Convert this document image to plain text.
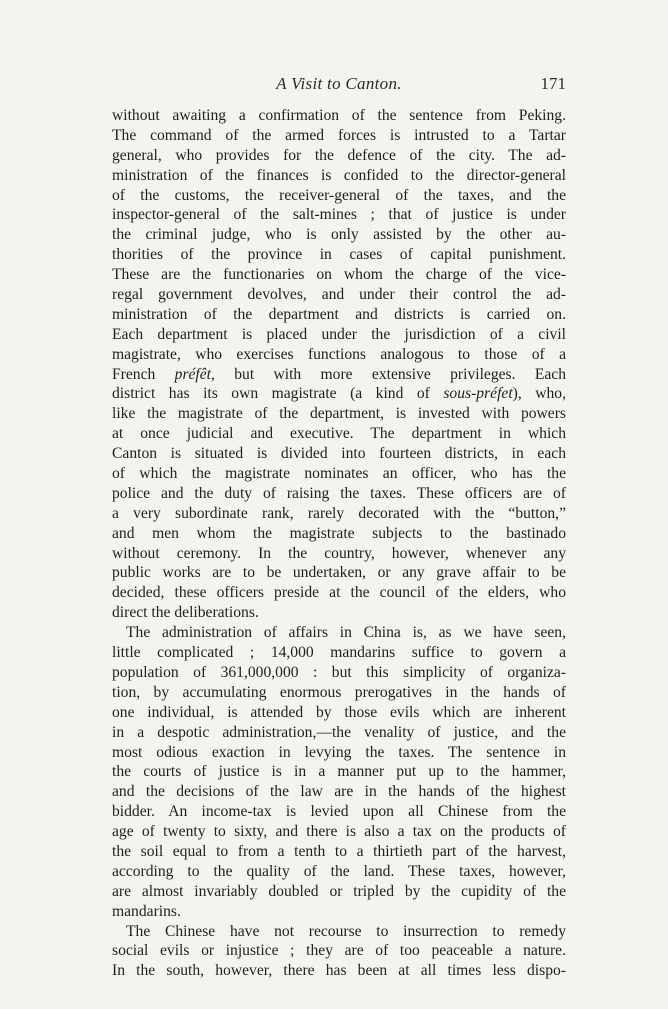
A Visit to Canton.	171
without awaiting a confirmation of the sentence from Peking.
The command of the armed forces is intrusted to a Tartar
general, who provides for the defence of the city. The ad-
ministration of the finances is confided to the director-general
of the customs, the receiver-general of the taxes, and the
inspector-general of the salt-mines ; that of justice is under
the criminal judge, who is only assisted by the other au-
thorities of the province in cases of capital punishment.
These are the functionaries on whom the charge of the vice-
regal government devolves, and under their control the ad-
ministration of the department and districts is carried on.
Each department is placed under the jurisdiction of a civil
magistrate, who exercises functions analogous to those of a
French préfêt, but with more extensive privileges. Each
district has its own magistrate (a kind of sous-préfet), who,
like the magistrate of the department, is invested with powers
at once judicial and executive. The department in which
Canton is situated is divided into fourteen districts, in each
of which the magistrate nominates an officer, who has the
police and the duty of raising the taxes. These officers are of
a very subordinate rank, rarely decorated with the “button,”
and men whom the magistrate subjects to the bastinado
without ceremony. In the country, however, whenever any
public works are to be undertaken, or any grave affair to be
decided, these officers preside at the council of the elders, who
direct the deliberations.
The administration of affairs in China is, as we have seen,
little complicated ; 14,000 mandarins suffice to govern a
population of 361,000,000 : but this simplicity of organiza-
tion, by accumulating enormous prerogatives in the hands of
one individual, is attended by those evils which are inherent
in a despotic administration,—the venality of justice, and the
most odious exaction in levying the taxes. The sentence in
the courts of justice is in a manner put up to the hammer,
and the decisions of the law are in the hands of the highest
bidder. An income-tax is levied upon all Chinese from the
age of twenty to sixty, and there is also a tax on the products of
the soil equal to from a tenth to a thirtieth part of the harvest,
according to the quality of the land. These taxes, however,
are almost invariably doubled or tripled by the cupidity of the
mandarins.
The Chinese have not recourse to insurrection to remedy
social evils or injustice ; they are of too peaceable a nature.
In the south, however, there has been at all times less dispo-
